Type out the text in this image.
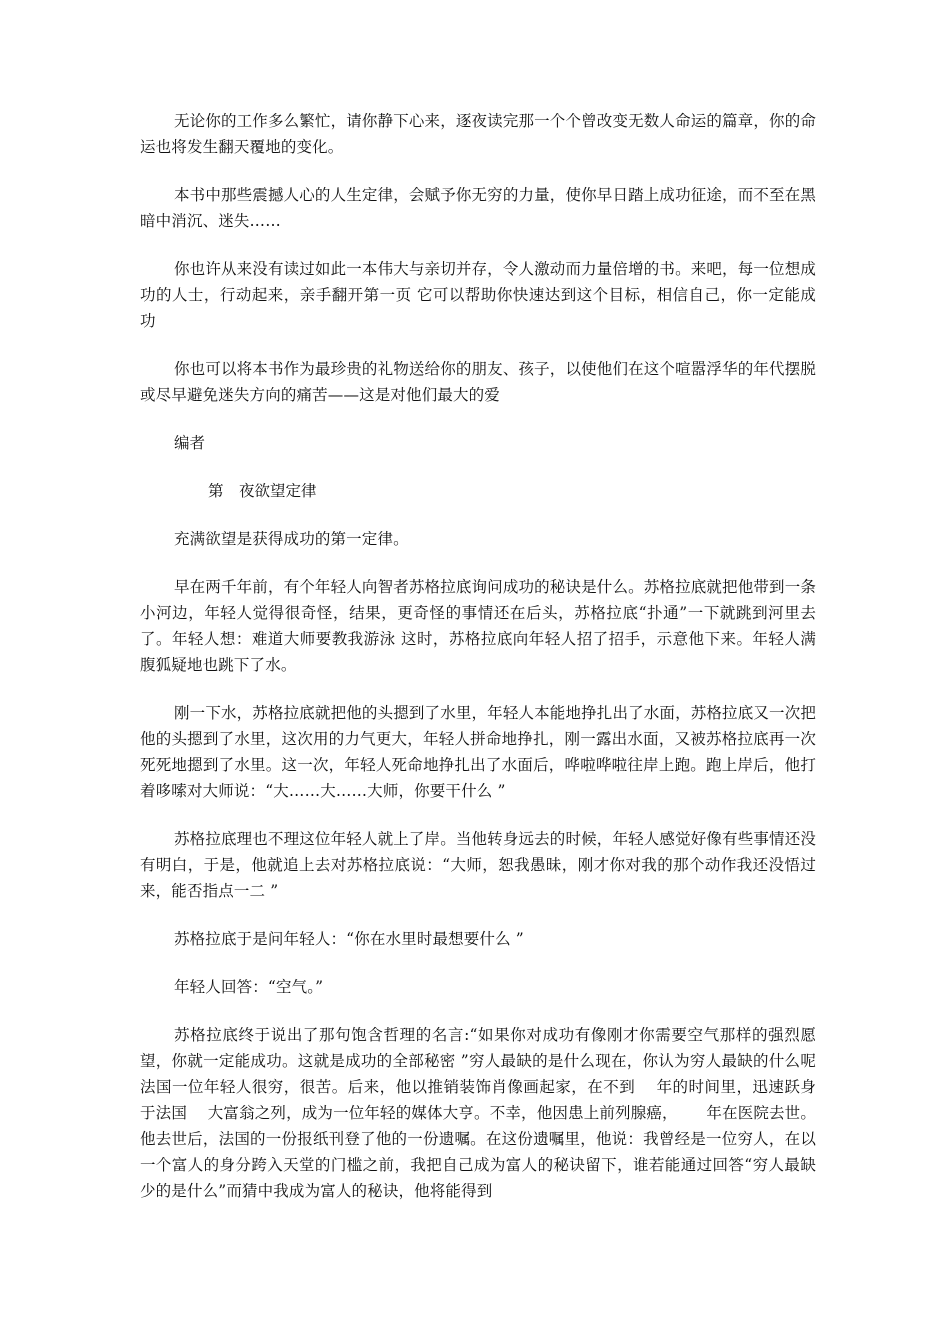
无论你的工作多么繁忙，请你静下心来，逐夜读完那一个个曾改变无数人命运的篇章，你的命运也将发生翻天覆地的变化。

本书中那些震撼人心的人生定律，会赋予你无穷的力量，使你早日踏上成功征途，而不至在黑暗中消沉、迷失……

你也许从来没有读过如此一本伟大与亲切并存，令人激动而力量倍增的书。来吧，每一位想成功的人士，行动起来，亲手翻开第一页 它可以帮助你快速达到这个目标，相信自己，你一定能成功

你也可以将本书作为最珍贵的礼物送给你的朋友、孩子，以使他们在这个喧嚣浮华的年代摆脱或尽早避免迷失方向的痛苦——这是对他们最大的爱

编者

第　夜欲望定律

充满欲望是获得成功的第一定律。

早在两千年前，有个年轻人向智者苏格拉底询问成功的秘诀是什么。苏格拉底就把他带到一条小河边，年轻人觉得很奇怪，结果，更奇怪的事情还在后头，苏格拉底“扑通”一下就跳到河里去了。年轻人想：难道大师要教我游泳 这时，苏格拉底向年轻人招了招手，示意他下来。年轻人满腹狐疑地也跳下了水。

刚一下水，苏格拉底就把他的头摁到了水里，年轻人本能地挣扎出了水面，苏格拉底又一次把他的头摁到了水里，这次用的力气更大，年轻人拼命地挣扎，刚一露出水面，又被苏格拉底再一次死死地摁到了水里。这一次，年轻人死命地挣扎出了水面后，哗啦哗啦往岸上跑。跑上岸后，他打着哆嗦对大师说：“大……大……大师，你要干什么 ”

苏格拉底理也不理这位年轻人就上了岸。当他转身远去的时候，年轻人感觉好像有些事情还没有明白，于是，他就追上去对苏格拉底说：“大师，恕我愚昧，刚才你对我的那个动作我还没悟过来，能否指点一二 ”

苏格拉底于是问年轻人：“你在水里时最想要什么 ”

年轻人回答：“空气。”

苏格拉底终于说出了那句饱含哲理的名言:“如果你对成功有像刚才你需要空气那样的强烈愿望，你就一定能成功。这就是成功的全部秘密 ”穷人最缺的是什么现在，你认为穷人最缺的什么呢 法国一位年轻人很穷，很苦。后来，他以推销装饰肖像画起家，在不到　 年的时间里，迅速跃身于法国　 大富翁之列，成为一位年轻的媒体大亨。不幸，他因患上前列腺癌，　　 年在医院去世。他去世后，法国的一份报纸刊登了他的一份遗嘱。在这份遗嘱里，他说：我曾经是一位穷人，在以一个富人的身分跨入天堂的门槛之前，我把自己成为富人的秘诀留下，谁若能通过回答“穷人最缺少的是什么”而猜中我成为富人的秘诀，他将能得到
